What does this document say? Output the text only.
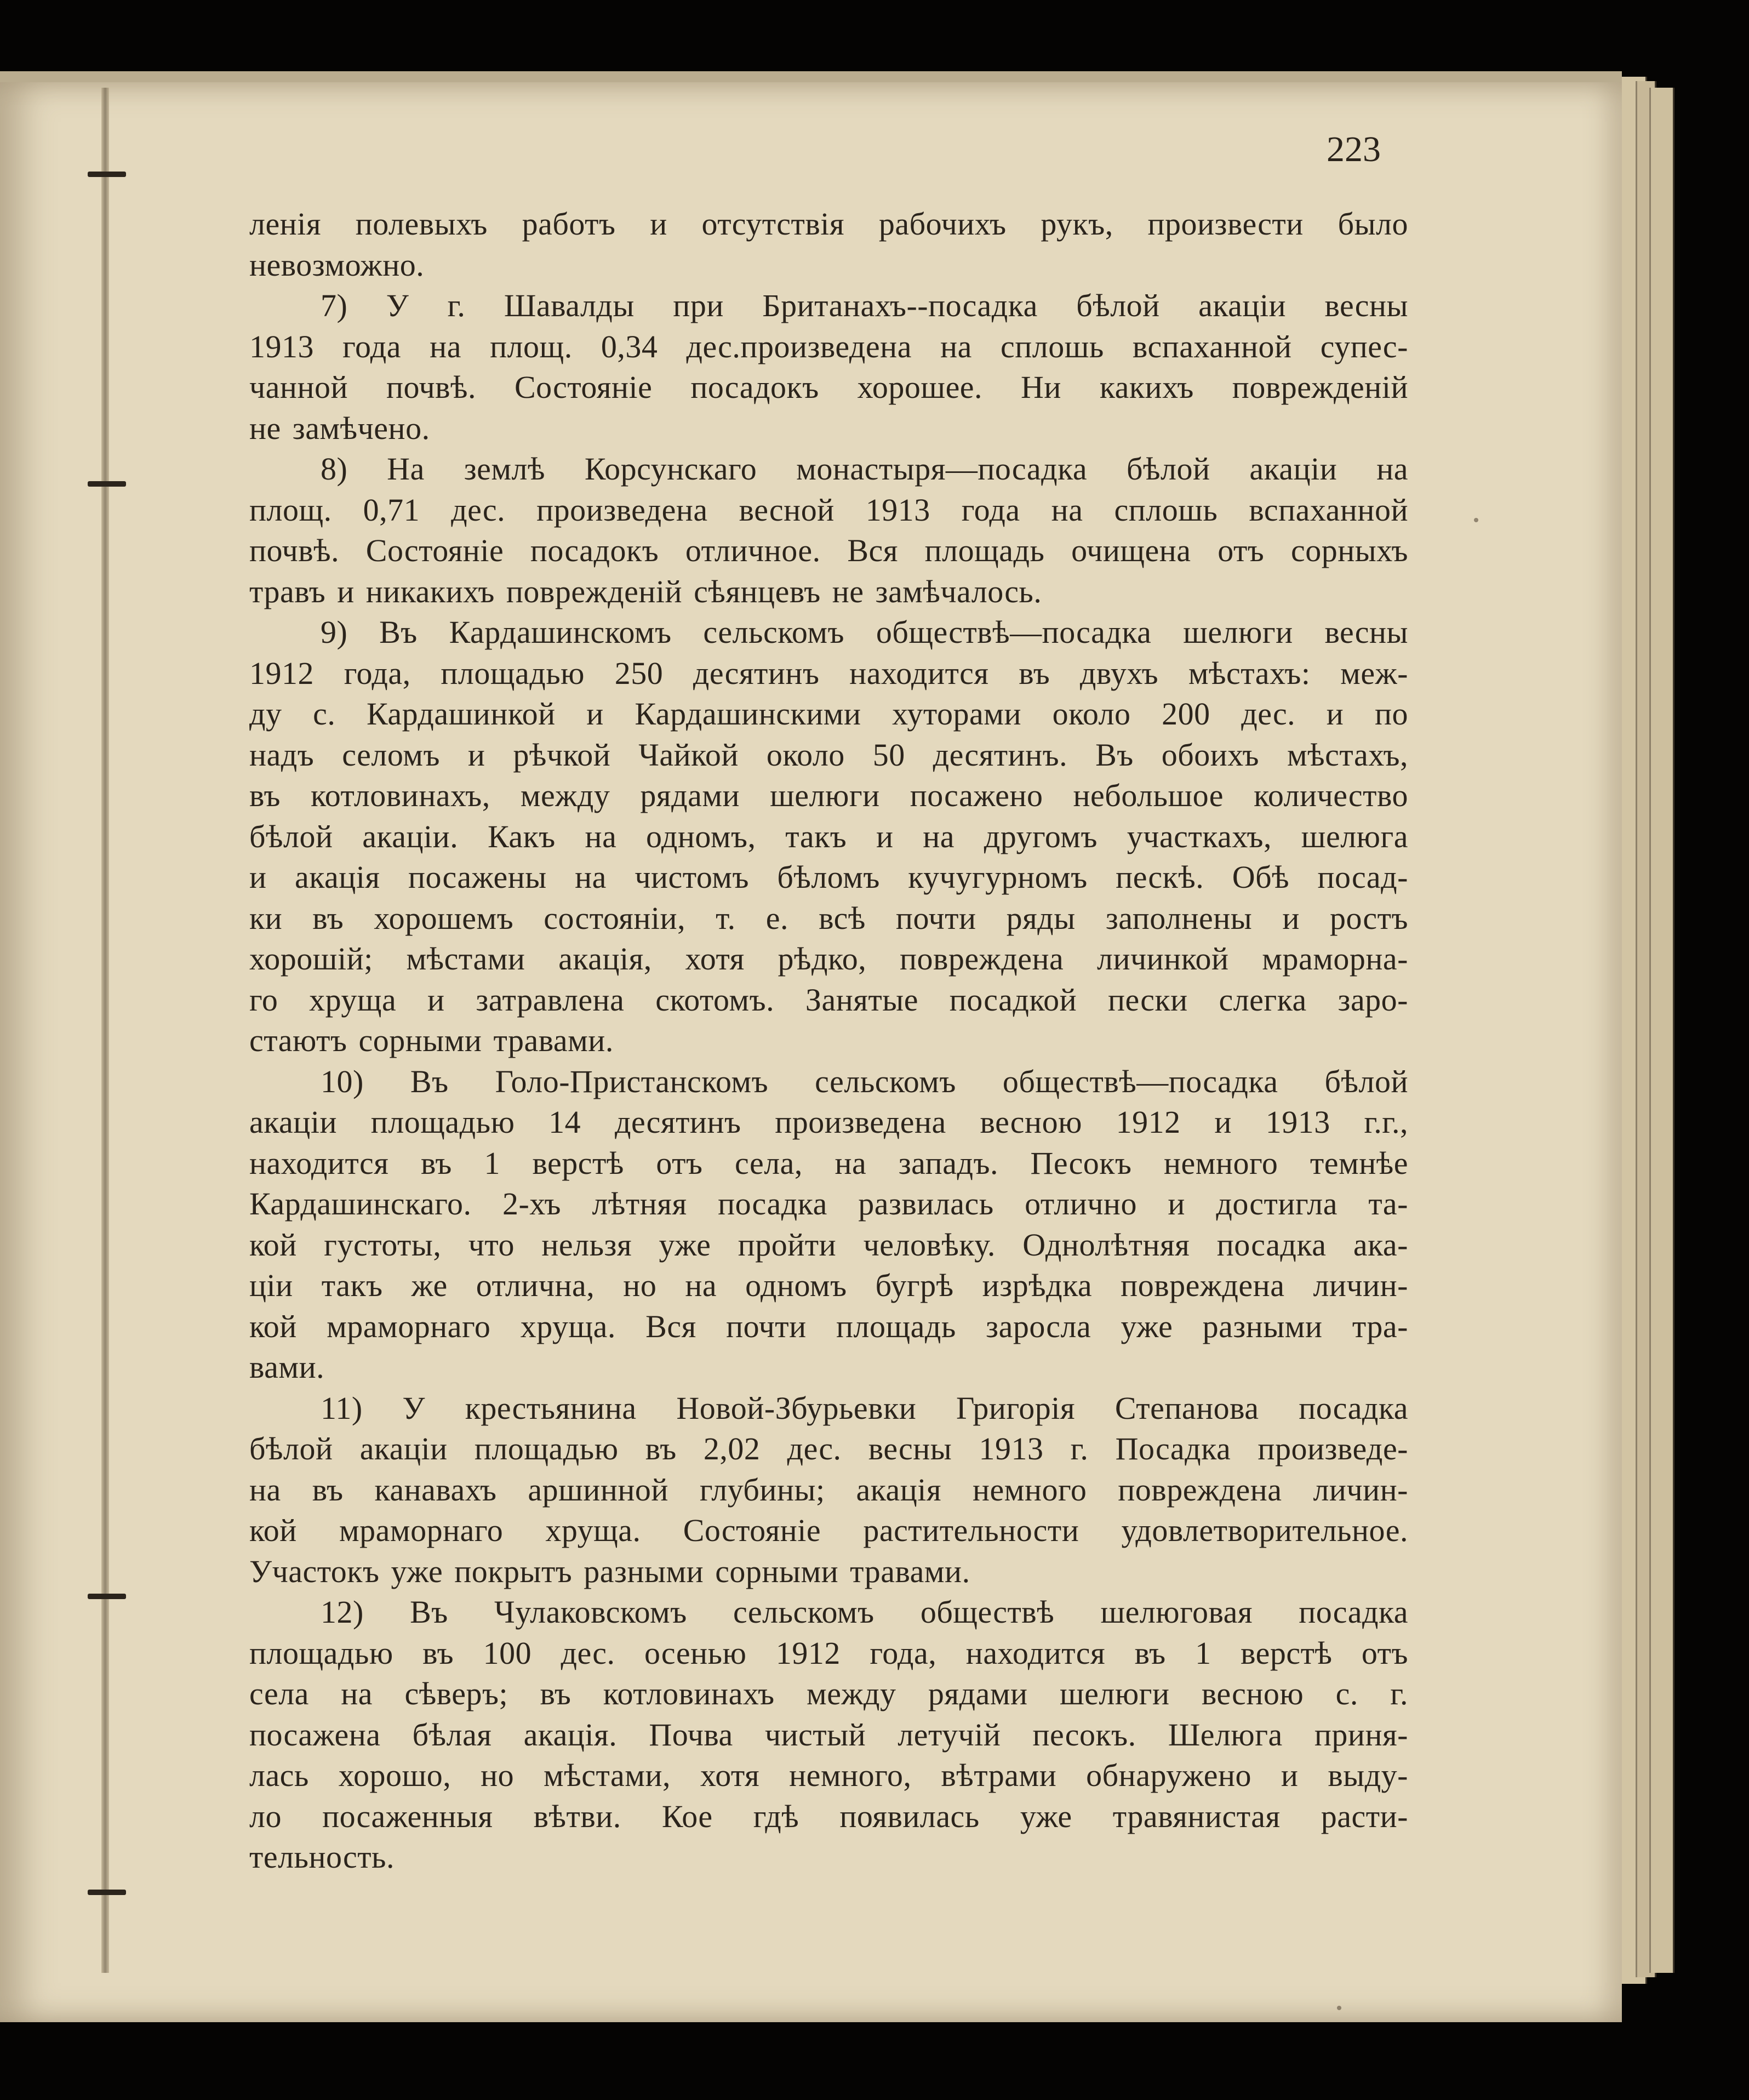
223
ленія полевыхъ работъ и отсутствія рабочихъ рукъ, произвести было
невозможно.
7) У г. Шавалды при Британахъ--посадка бѣлой акаціи весны
1913 года на площ. 0,34 дес.произведена на сплошь вспаханной супес-
чанной почвѣ. Состояніе посадокъ хорошее. Ни какихъ поврежденій
не замѣчено.
8) На землѣ Корсунскаго монастыря—посадка бѣлой акаціи на
площ. 0,71 дес. произведена весной 1913 года на сплошь вспаханной
почвѣ. Состояніе посадокъ отличное. Вся площадь очищена отъ сорныхъ
травъ и никакихъ поврежденій сѣянцевъ не замѣчалось.
9) Въ Кардашинскомъ сельскомъ обществѣ—посадка шелюги весны
1912 года, площадью 250 десятинъ находится въ двухъ мѣстахъ: меж-
ду с. Кардашинкой и Кардашинскими хуторами около 200 дес. и по
надъ селомъ и рѣчкой Чайкой около 50 десятинъ. Въ обоихъ мѣстахъ,
въ котловинахъ, между рядами шелюги посажено небольшое количество
бѣлой акаціи. Какъ на одномъ, такъ и на другомъ участкахъ, шелюга
и акація посажены на чистомъ бѣломъ кучугурномъ пескѣ. Обѣ посад-
ки въ хорошемъ состояніи, т. е. всѣ почти ряды заполнены и ростъ
хорошій; мѣстами акація, хотя рѣдко, повреждена личинкой мраморна-
го хруща и затравлена скотомъ. Занятые посадкой пески слегка зaро-
стаютъ сорными травами.
10) Въ Голо-Пристанскомъ сельскомъ обществѣ—посадка бѣлой
акаціи площадью 14 десятинъ произведена весною 1912 и 1913 г.г.,
находится въ 1 верстѣ отъ села, на западъ. Песокъ немного темнѣе
Кардашинскаго. 2-хъ лѣтняя посадка развилась отлично и достигла та-
кой густоты, что нельзя уже пройти человѣку. Однолѣтняя посадка ака-
ціи такъ же отлична, но на одномъ бугрѣ изрѣдка повреждена личин-
кой мраморнаго хруща. Вся почти площадь заросла уже разными тра-
вами.
11) У крестьянина Новой-Збурьевки Григорія Степанова посадка
бѣлой акаціи площадью въ 2,02 дес. весны 1913 г. Посадка произведе-
на въ канавахъ аршинной глубины; акація немного повреждена личин-
кой мраморнаго хруща. Состояніе растительности удовлетворительное.
Участокъ уже покрытъ разными сорными травами.
12) Въ Чулаковскомъ сельскомъ обществѣ шелюговая посадка
площадью въ 100 дес. осенью 1912 года, находится въ 1 верстѣ отъ
села на сѣверъ; въ котловинахъ между рядами шелюги весною с. г.
посажена бѣлая акація. Почва чистый летучій песокъ. Шелюга приня-
лась хорошо, но мѣстами, хотя немного, вѣтрами обнаружено и выду-
ло посаженныя вѣтви. Кое гдѣ появилась уже травянистая расти-
тельность.
